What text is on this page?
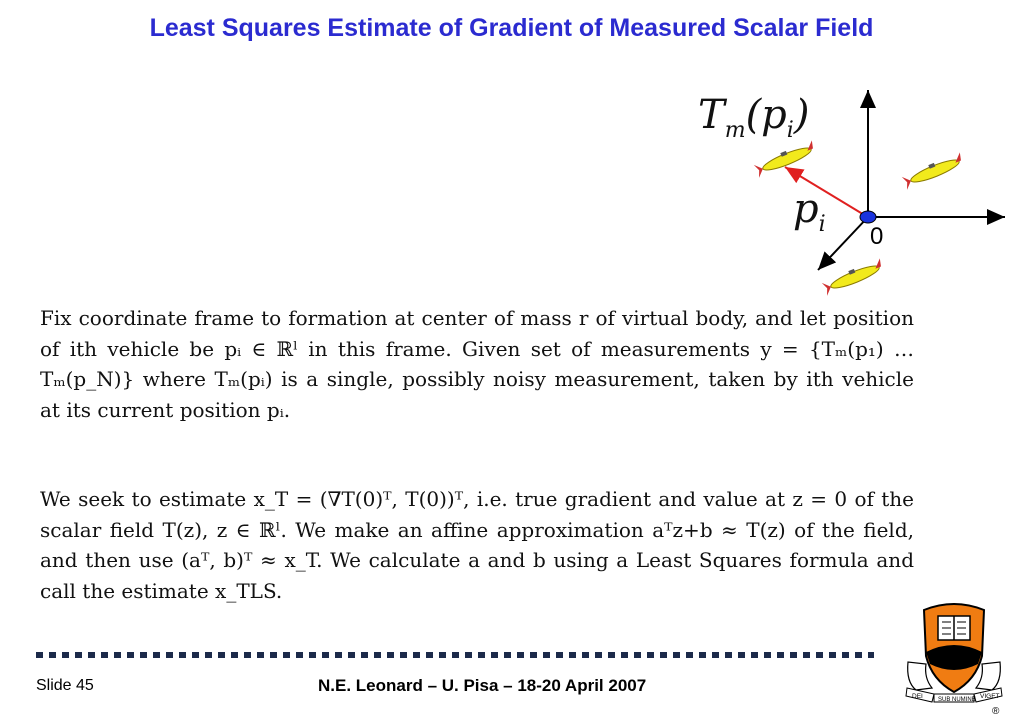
Least Squares Estimate of Gradient of Measured Scalar Field
$T_m(p_i)$
$p_i$ 0
Fix coordinate frame to formation at center of mass r of virtual body, and let position of ith vehicle be pᵢ ∈ ℝˡ in this frame. Given set of measurements y = {Tₘ(p₁) … Tₘ(p_N)} where Tₘ(pᵢ) is a single, possibly noisy measurement, taken by ith vehicle at its current position pᵢ.
We seek to estimate x_T = (∇T(0)ᵀ, T(0))ᵀ, i.e. true gradient and value at z = 0 of the scalar field T(z), z ∈ ℝˡ. We make an affine approximation aᵀz+b ≈ T(z) of the field, and then use (aᵀ, b)ᵀ ≈ x_T. We calculate a and b using a Least Squares formula and call the estimate x_TLS.
Slide 45	N.E. Leonard – U. Pisa – 18-20 April 2007
DEI	SUB NUMINE VIGET
®
